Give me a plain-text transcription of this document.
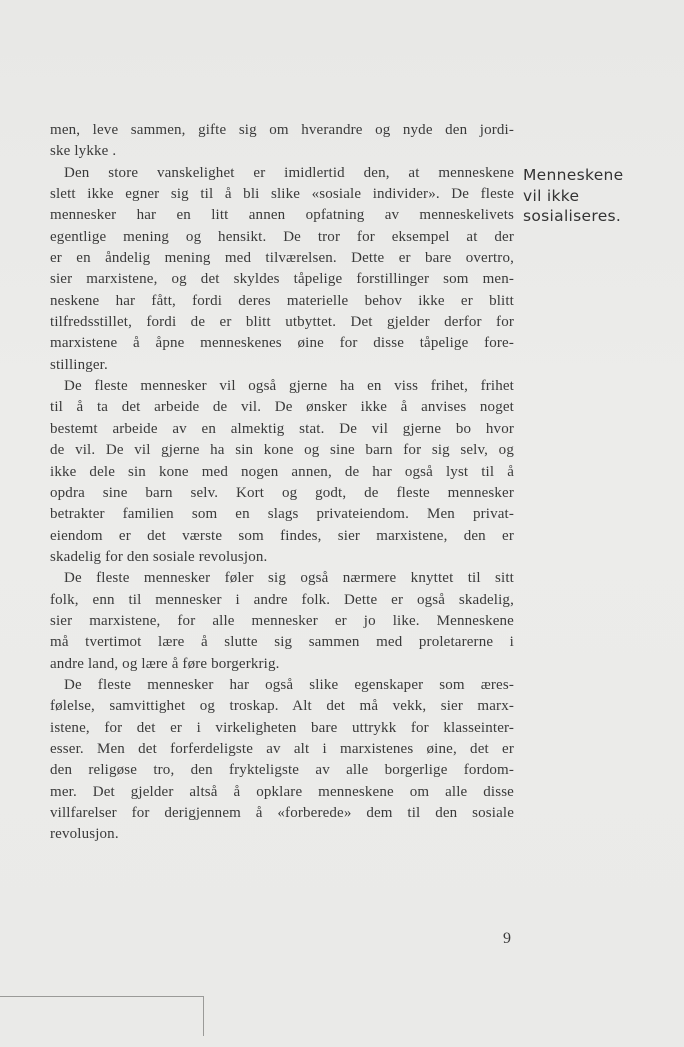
men, leve sammen, gifte sig om hverandre og nyde den jordi-
ske lykke .
Den store vanskelighet er imidlertid den, at menneskene
slett ikke egner sig til å bli slike «sosiale individer». De fleste
mennesker har en litt annen opfatning av menneskelivets
egentlige mening og hensikt. De tror for eksempel at der
er en åndelig mening med tilværelsen. Dette er bare overtro,
sier marxistene, og det skyldes tåpelige forstillinger som men-
neskene har fått, fordi deres materielle behov ikke er blitt
tilfredsstillet, fordi de er blitt utbyttet. Det gjelder derfor for
marxistene å åpne menneskenes øine for disse tåpelige fore-
stillinger.
De fleste mennesker vil også gjerne ha en viss frihet, frihet
til å ta det arbeide de vil. De ønsker ikke å anvises noget
bestemt arbeide av en almektig stat. De vil gjerne bo hvor
de vil. De vil gjerne ha sin kone og sine barn for sig selv, og
ikke dele sin kone med nogen annen, de har også lyst til å
opdra sine barn selv. Kort og godt, de fleste mennesker
betrakter familien som en slags privateiendom. Men privat-
eiendom er det værste som findes, sier marxistene, den er
skadelig for den sosiale revolusjon.
De fleste mennesker føler sig også nærmere knyttet til sitt
folk, enn til mennesker i andre folk. Dette er også skadelig,
sier marxistene, for alle mennesker er jo like. Menneskene
må tvertimot lære å slutte sig sammen med proletarerne i
andre land, og lære å føre borgerkrig.
De fleste mennesker har også slike egenskaper som æres-
følelse, samvittighet og troskap. Alt det må vekk, sier marx-
istene, for det er i virkeligheten bare uttrykk for klasseinter-
esser. Men det forferdeligste av alt i marxistenes øine, det er
den religøse tro, den frykteligste av alle borgerlige fordom-
mer. Det gjelder altså å opklare menneskene om alle disse
villfarelser for derigjennem å «forberede» dem til den sosiale
revolusjon.
Menneskene
vil ikke
sosialiseres.
9
